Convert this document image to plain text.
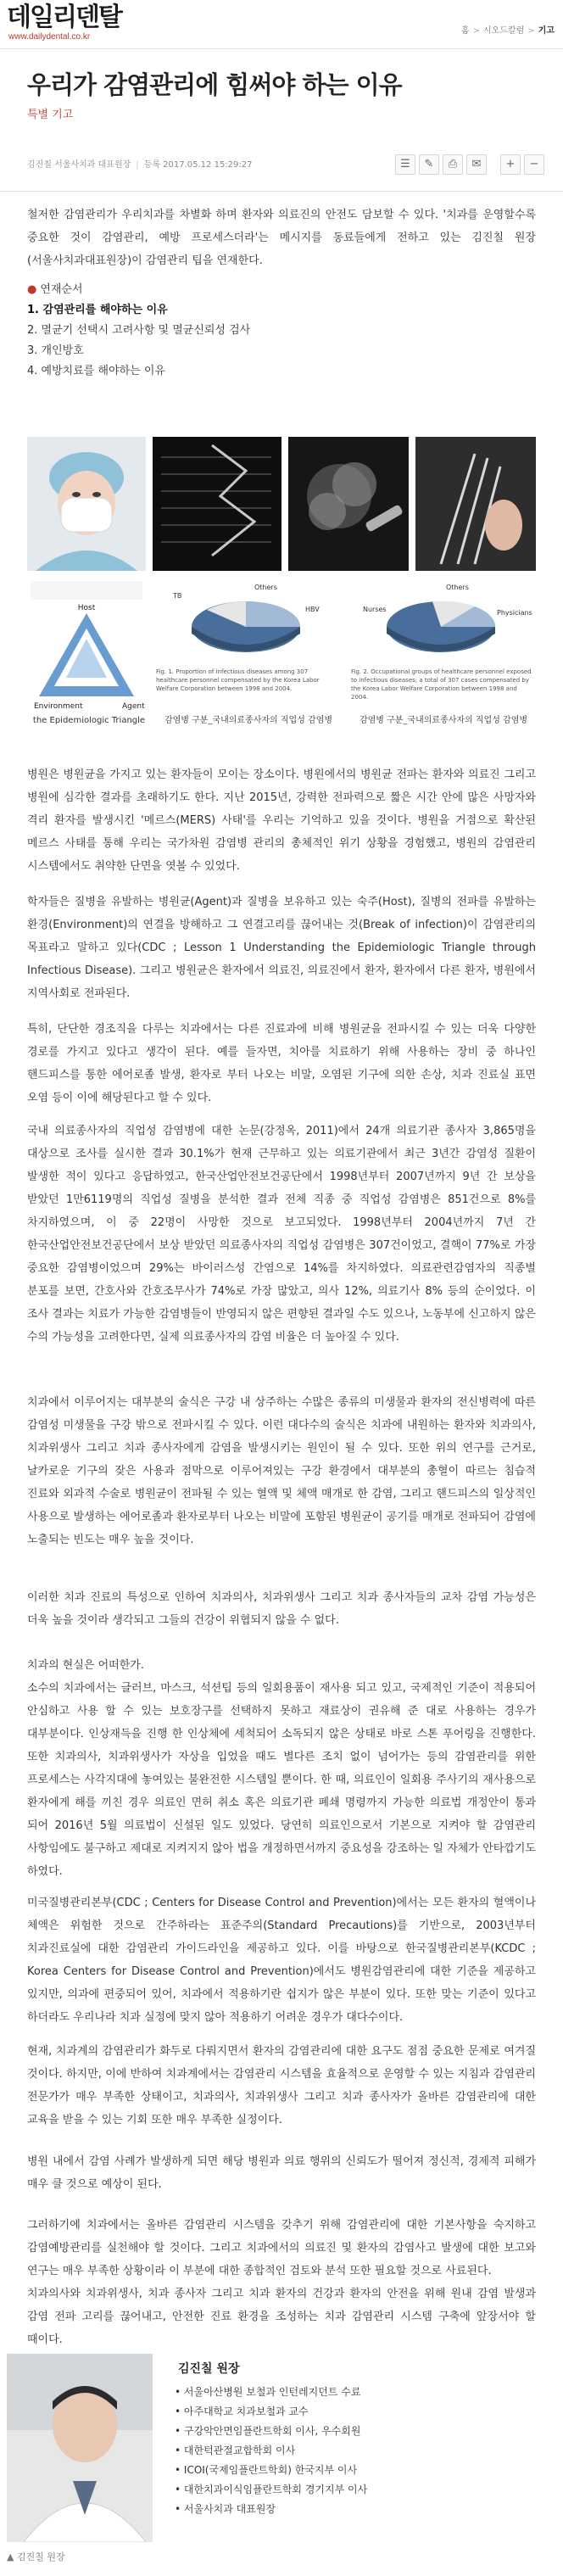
데일리덴탈
www.dailydental.co.kr
홈 > 시오드칼럼 > 기고
우리가 감염관리에 힘써야 하는 이유
특별 기고
김진칠 서울사치과 대표원장 | 등록 2017.05.12 15:29:27	☰	✎	⎙	✉	+	−

철저한 감염관리가 우리치과를 차별화 하며 환자와 의료진의 안전도 담보할 수 있다. '치과를 운영할수록 중요한 것이 감염관리, 예방 프로세스더라'는 메시지를 동료들에게 전하고 있는 김진칠 원장(서울사치과대표원장)이 감염관리 팁을 연재한다.

● 연재순서
1. 감염관리를 해야하는 이유
2. 멸균기 선택시 고려사항 및 멸균신뢰성 검사
3. 개인방호
4. 예방치료를 해야하는 이유
Host
Environment	Agent
the Epidemiologic Triangle
TB
HBV
Others
Fig. 1. Proportion of infectious diseases among 307 healthcare personnel compensated by the Korea Labor Welfare Corporation between 1998 and 2004.
감염병 구분_국내의료종사자의 직업성 감염병
Nurses	Physicians
Others
Fig. 2. Occupational groups of healthcare personnel exposed to infectious diseases; a total of 307 cases compensated by the Korea Labor Welfare Corporation between 1998 and 2004.
감염병 구분_국내의료종사자의 직업성 감염병

병원은 병원균을 가지고 있는 환자들이 모이는 장소이다. 병원에서의 병원균 전파는 환자와 의료진 그리고 병원에 심각한 결과를 초래하기도 한다. 지난 2015년, 강력한 전파력으로 짧은 시간 안에 많은 사망자와 격리 환자를 발생시킨 '메르스(MERS) 사태'를 우리는 기억하고 있을 것이다. 병원을 거점으로 확산된 메르스 사태를 통해 우리는 국가차원 감염병 관리의 총체적인 위기 상황을 경험했고, 병원의 감염관리 시스템에서도 취약한 단면을 엿볼 수 있었다.

학자들은 질병을 유발하는 병원균(Agent)과 질병을 보유하고 있는 숙주(Host), 질병의 전파를 유발하는 환경(Environment)의 연결을 방해하고 그 연결고리를 끊어내는 것(Break of infection)이 감염관리의 목표라고 말하고 있다(CDC ; Lesson 1 Understanding the Epidemiologic Triangle through Infectious Disease). 그리고 병원균은 환자에서 의료진, 의료진에서 환자, 환자에서 다른 환자, 병원에서 지역사회로 전파된다.

특히, 단단한 경조직을 다루는 치과에서는 다른 진료과에 비해 병원균을 전파시킬 수 있는 더욱 다양한 경로를 가지고 있다고 생각이 된다. 예를 들자면, 치아를 치료하기 위해 사용하는 장비 중 하나인 핸드피스를 통한 에어로졸 발생, 환자로 부터 나오는 비말, 오염된 기구에 의한 손상, 치과 진료실 표면 오염 등이 이에 해당된다고 할 수 있다.

국내 의료종사자의 직업성 감염병에 대한 논문(강정옥, 2011)에서 24개 의료기관 종사자 3,865명을 대상으로 조사를 실시한 결과 30.1%가 현재 근무하고 있는 의료기관에서 최근 3년간 감염성 질환이 발생한 적이 있다고 응답하였고, 한국산업안전보건공단에서 1998년부터 2007년까지 9년 간 보상을 받았던 1만6119명의 직업성 질병을 분석한 결과 전체 직종 중 직업성 감염병은 851건으로 8%를 차지하였으며, 이 중 22명이 사망한 것으로 보고되었다. 1998년부터 2004년까지 7년 간 한국산업안전보건공단에서 보상 받았던 의료종사자의 직업성 감염병은 307건이었고, 결핵이 77%로 가장 중요한 감염병이었으며 29%는 바이러스성 간염으로 14%를 차지하였다. 의료관련감염자의 직종별 분포를 보면, 간호사와 간호조무사가 74%로 가장 많았고, 의사 12%, 의료기사 8% 등의 순이었다. 이 조사 결과는 치료가 가능한 감염병들이 반영되지 않은 편향된 결과일 수도 있으나, 노동부에 신고하지 않은 수의 가능성을 고려한다면, 실제 의료종사자의 감염 비율은 더 높아질 수 있다.

치과에서 이루어지는 대부분의 술식은 구강 내 상주하는 수많은 종류의 미생물과 환자의 전신병력에 따른 감염성 미생물을 구강 밖으로 전파시킬 수 있다. 이런 대다수의 술식은 치과에 내원하는 환자와 치과의사, 치과위생사 그리고 치과 종사자에게 감염을 발생시키는 원인이 될 수 있다. 또한 위의 연구를 근거로, 날카로운 기구의 잦은 사용과 점막으로 이루어져있는 구강 환경에서 대부분의 총혈이 따르는 침습적 진료와 외과적 수술로 병원균이 전파될 수 있는 혈액 및 체액 매개로 한 감염, 그리고 핸드피스의 일상적인 사용으로 발생하는 에어로졸과 환자로부터 나오는 비말에 포함된 병원균이 공기를 매개로 전파되어 감염에 노출되는 빈도는 매우 높을 것이다.

이러한 치과 진료의 특성으로 인하여 치과의사, 치과위생사 그리고 치과 종사자들의 교차 감염 가능성은 더욱 높을 것이라 생각되고 그들의 건강이 위협되지 않을 수 없다.

치과의 현실은 어떠한가.
소수의 치과에서는 글러브, 마스크, 석션팁 등의 일회용품이 재사용 되고 있고, 국제적인 기준이 적용되어 안심하고 사용 할 수 있는 보호장구를 선택하지 못하고 재료상이 권유해 준 대로 사용하는 경우가 대부분이다. 인상재득을 진행 한 인상체에 세척되어 소독되지 않은 상태로 바로 스톤 푸어링을 진행한다. 또한 치과의사, 치과위생사가 자상을 입었을 때도 별다른 조치 없이 넘어가는 등의 감염관리를 위한 프로세스는 사각지대에 놓여있는 불완전한 시스템일 뿐이다. 한 때, 의료인이 일회용 주사기의 재사용으로 환자에게 해를 끼친 경우 의료인 면허 취소 혹은 의료기관 폐쇄 명령까지 가능한 의료법 개정안이 통과 되어 2016년 5월 의료법이 신설된 일도 있었다. 당연히 의료인으로서 기본으로 지켜야 할 감염관리 사항임에도 불구하고 제대로 지켜지지 않아 법을 개정하면서까지 중요성을 강조하는 일 자체가 안타깝기도 하였다.

미국질병관리본부(CDC ; Centers for Disease Control and Prevention)에서는 모든 환자의 혈액이나 체액은 위험한 것으로 간주하라는 표준주의(Standard Precautions)를 기반으로, 2003년부터 치과진료실에 대한 감염관리 가이드라인을 제공하고 있다. 이를 바탕으로 한국질병관리본부(KCDC ; Korea Centers for Disease Control and Prevention)에서도 병원감염관리에 대한 기준을 제공하고 있지만, 의과에 편중되어 있어, 치과에서 적용하기란 쉽지가 않은 부분이 있다. 또한 맞는 기준이 있다고 하더라도 우리나라 치과 실정에 맞지 않아 적용하기 어려운 경우가 대다수이다.

현재, 치과계의 감염관리가 화두로 다뤄지면서 환자의 감염관리에 대한 요구도 점점 중요한 문제로 여겨질 것이다. 하지만, 이에 반하여 치과계에서는 감염관리 시스템을 효율적으로 운영할 수 있는 지침과 감염관리 전문가가 매우 부족한 상태이고, 치과의사, 치과위생사 그리고 치과 종사자가 올바른 감염관리에 대한 교육을 받을 수 있는 기회 또한 매우 부족한 실정이다.

병원 내에서 감염 사례가 발생하게 되면 해당 병원과 의료 행위의 신뢰도가 떨어져 정신적, 경제적 피해가 매우 클 것으로 예상이 된다.

그러하기에 치과에서는 올바른 감염관리 시스템을 갖추기 위해 감염관리에 대한 기본사항을 숙지하고 감염예방관리를 실천해야 할 것이다. 그리고 치과에서의 의료진 및 환자의 감염사고 발생에 대한 보고와 연구는 매우 부족한 상황이라 이 부분에 대한 종합적인 검토와 분석 또한 필요할 것으로 사료된다.
치과의사와 치과위생사, 치과 종사자 그리고 치과 환자의 건강과 환자의 안전을 위해 원내 감염 발생과 감염 전파 고리를 끊어내고, 안전한 진료 환경을 조성하는 치과 감염관리 시스템 구축에 앞장서야 할 때이다.

김진칠 원장
• 서울아산병원 보철과 인턴레지던트 수료
• 아주대학교 치과보철과 교수
• 구강악안면임플란트학회 이사, 우수회원
• 대한턱관절교합학회 이사
• ICOI(국제임플란트학회) 한국지부 이사
• 대한치과이식임플란트학회 경기지부 이사
• 서울사치과 대표원장
▲ 김진칠 원장
